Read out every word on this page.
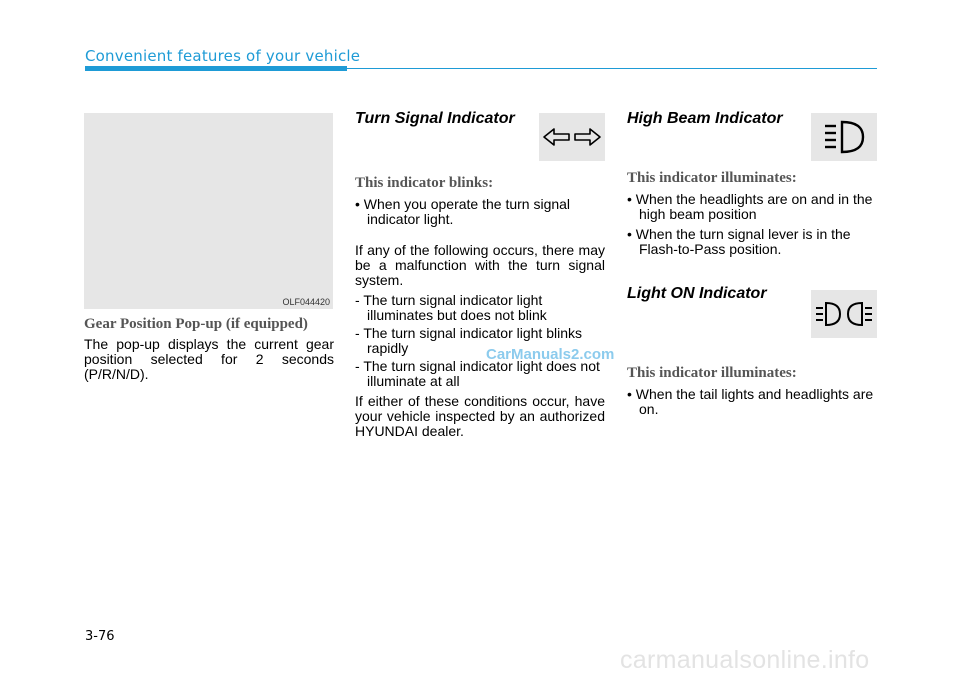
Convenient features of your vehicle
OLF044420
Gear Position Pop-up (if equipped)
The pop-up displays the current gear position selected for 2 seconds (P/R/N/D).
Turn Signal Indicator
This indicator blinks:
• When you operate the turn signal indicator light.
If any of the following occurs, there may be a malfunction with the turn signal system.
- The turn signal indicator light illuminates but does not blink
- The turn signal indicator light blinks rapidly
- The turn signal indicator light does not illuminate at all
If either of these conditions occur, have your vehicle inspected by an authorized HYUNDAI dealer.
High Beam Indicator
This indicator illuminates:
• When the headlights are on and in the high beam position
• When the turn signal lever is in the Flash-to-Pass position.
Light ON Indicator
This indicator illuminates:
• When the tail lights and headlights are on.
CarManuals2.com
3-76
carmanualsonline.info
